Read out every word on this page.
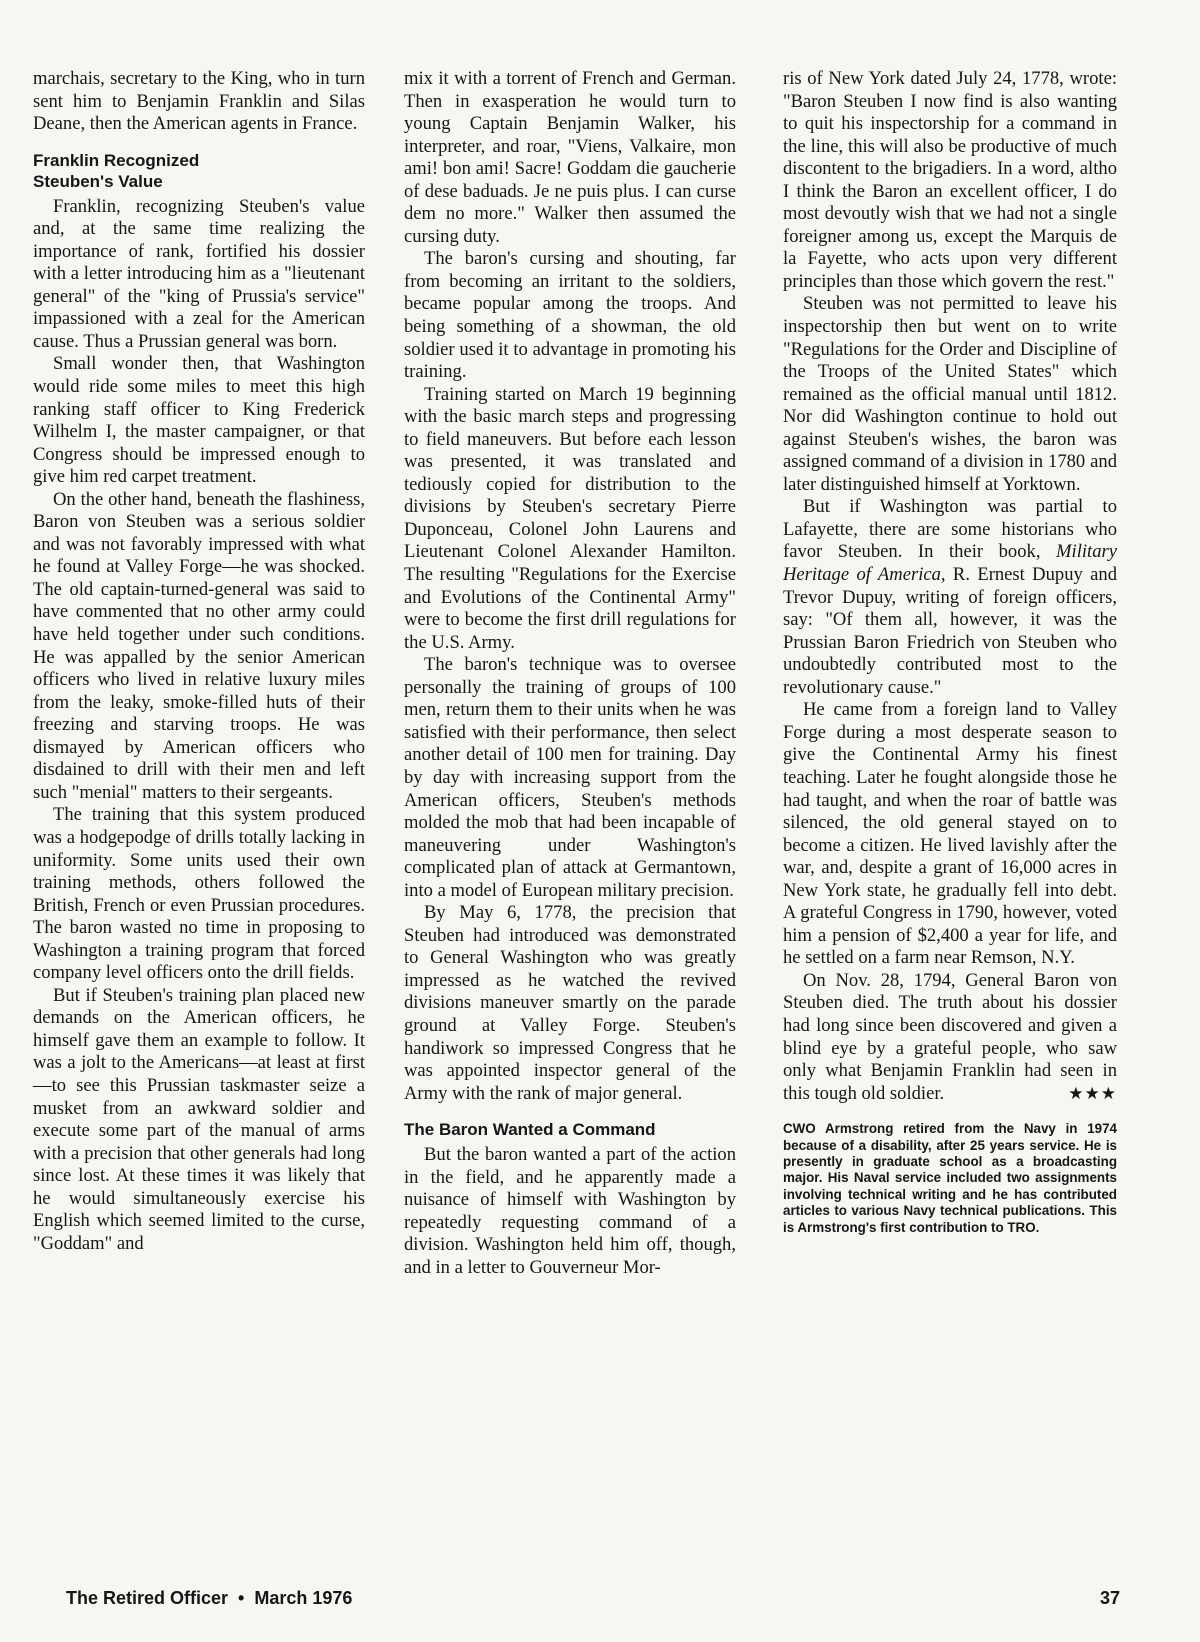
marchais, secretary to the King, who in turn sent him to Benjamin Franklin and Silas Deane, then the American agents in France.

Franklin Recognized
Steuben's Value

Franklin, recognizing Steuben's value and, at the same time realizing the importance of rank, fortified his dossier with a letter introducing him as a "lieutenant general" of the "king of Prussia's service" impassioned with a zeal for the American cause. Thus a Prussian general was born.

Small wonder then, that Washington would ride some miles to meet this high ranking staff officer to King Frederick Wilhelm I, the master campaigner, or that Congress should be impressed enough to give him red carpet treatment.

On the other hand, beneath the flashiness, Baron von Steuben was a serious soldier and was not favorably impressed with what he found at Valley Forge—he was shocked. The old captain-turned-general was said to have commented that no other army could have held together under such conditions. He was appalled by the senior American officers who lived in relative luxury miles from the leaky, smoke-filled huts of their freezing and starving troops. He was dismayed by American officers who disdained to drill with their men and left such "menial" matters to their sergeants.

The training that this system produced was a hodgepodge of drills totally lacking in uniformity. Some units used their own training methods, others followed the British, French or even Prussian procedures. The baron wasted no time in proposing to Washington a training program that forced company level officers onto the drill fields.

But if Steuben's training plan placed new demands on the American officers, he himself gave them an example to follow. It was a jolt to the Americans—at least at first —to see this Prussian taskmaster seize a musket from an awkward soldier and execute some part of the manual of arms with a precision that other generals had long since lost. At these times it was likely that he would simultaneously exercise his English which seemed limited to the curse, "Goddam" and

mix it with a torrent of French and German. Then in exasperation he would turn to young Captain Benjamin Walker, his interpreter, and roar, "Viens, Valkaire, mon ami! bon ami! Sacre! Goddam die gaucherie of dese baduads. Je ne puis plus. I can curse dem no more." Walker then assumed the cursing duty.

The baron's cursing and shouting, far from becoming an irritant to the soldiers, became popular among the troops. And being something of a showman, the old soldier used it to advantage in promoting his training.

Training started on March 19 beginning with the basic march steps and progressing to field maneuvers. But before each lesson was presented, it was translated and tediously copied for distribution to the divisions by Steuben's secretary Pierre Duponceau, Colonel John Laurens and Lieutenant Colonel Alexander Hamilton. The resulting "Regulations for the Exercise and Evolutions of the Continental Army" were to become the first drill regulations for the U.S. Army.

The baron's technique was to oversee personally the training of groups of 100 men, return them to their units when he was satisfied with their performance, then select another detail of 100 men for training. Day by day with increasing support from the American officers, Steuben's methods molded the mob that had been incapable of maneuvering under Washington's complicated plan of attack at Germantown, into a model of European military precision.

By May 6, 1778, the precision that Steuben had introduced was demonstrated to General Washington who was greatly impressed as he watched the revived divisions maneuver smartly on the parade ground at Valley Forge. Steuben's handiwork so impressed Congress that he was appointed inspector general of the Army with the rank of major general.

The Baron Wanted a Command

But the baron wanted a part of the action in the field, and he apparently made a nuisance of himself with Washington by repeatedly requesting command of a division. Washington held him off, though, and in a letter to Gouverneur Mor-

ris of New York dated July 24, 1778, wrote: "Baron Steuben I now find is also wanting to quit his inspectorship for a command in the line, this will also be productive of much discontent to the brigadiers. In a word, altho I think the Baron an excellent officer, I do most devoutly wish that we had not a single foreigner among us, except the Marquis de la Fayette, who acts upon very different principles than those which govern the rest."

Steuben was not permitted to leave his inspectorship then but went on to write "Regulations for the Order and Discipline of the Troops of the United States" which remained as the official manual until 1812. Nor did Washington continue to hold out against Steuben's wishes, the baron was assigned command of a division in 1780 and later distinguished himself at Yorktown.

But if Washington was partial to Lafayette, there are some historians who favor Steuben. In their book, Military Heritage of America, R. Ernest Dupuy and Trevor Dupuy, writing of foreign officers, say: "Of them all, however, it was the Prussian Baron Friedrich von Steuben who undoubtedly contributed most to the revolutionary cause."

He came from a foreign land to Valley Forge during a most desperate season to give the Continental Army his finest teaching. Later he fought alongside those he had taught, and when the roar of battle was silenced, the old general stayed on to become a citizen. He lived lavishly after the war, and, despite a grant of 16,000 acres in New York state, he gradually fell into debt. A grateful Congress in 1790, however, voted him a pension of $2,400 a year for life, and he settled on a farm near Remson, N.Y.

On Nov. 28, 1794, General Baron von Steuben died. The truth about his dossier had long since been discovered and given a blind eye by a grateful people, who saw only what Benjamin Franklin had seen in this tough old soldier.	★★★

CWO Armstrong retired from the Navy in 1974 because of a disability, after 25 years service. He is presently in graduate school as a broadcasting major. His Naval service included two assignments involving technical writing and he has contributed articles to various Navy technical publications. This is Armstrong's first contribution to TRO.
The Retired Officer • March 1976	37
